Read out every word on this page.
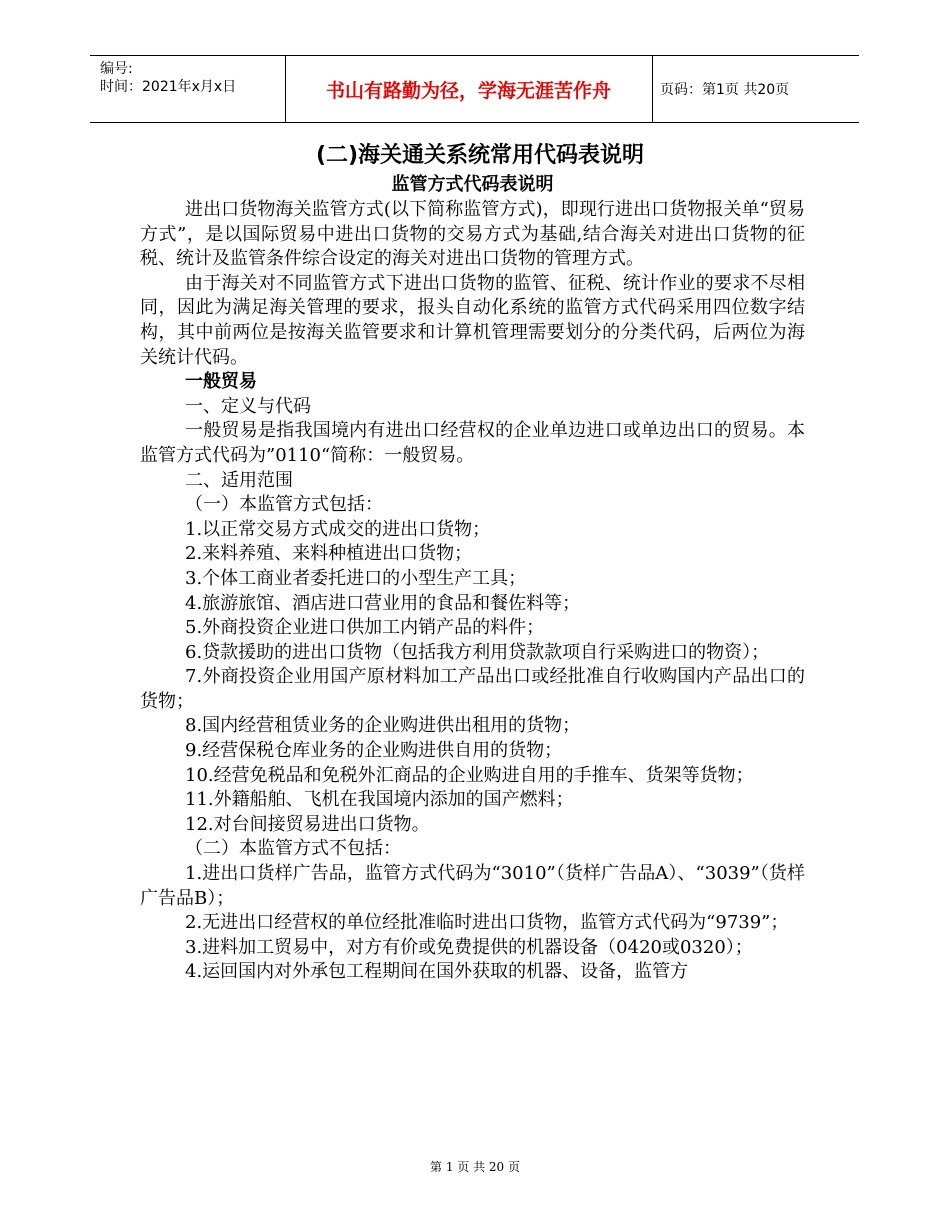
编号:
时间：2021年x月x日	书山有路勤为径，学海无涯苦作舟	页码：第1页 共20页
(二)海关通关系统常用代码表说明
监管方式代码表说明

进出口货物海关监管方式(以下简称监管方式)，即现行进出口货物报关单“贸易方式”，是以国际贸易中进出口货物的交易方式为基础,结合海关对进出口货物的征税、统计及监管条件综合设定的海关对进出口货物的管理方式。

由于海关对不同监管方式下进出口货物的监管、征税、统计作业的要求不尽相同，因此为满足海关管理的要求，报头自动化系统的监管方式代码采用四位数字结构，其中前两位是按海关监管要求和计算机管理需要划分的分类代码，后两位为海关统计代码。

一般贸易

一、定义与代码

一般贸易是指我国境内有进出口经营权的企业单边进口或单边出口的贸易。本监管方式代码为”0110“简称：一般贸易。

二、适用范围

（一）本监管方式包括：

1.以正常交易方式成交的进出口货物；

2.来料养殖、来料种植进出口货物；

3.个体工商业者委托进口的小型生产工具；

4.旅游旅馆、酒店进口营业用的食品和餐佐料等；

5.外商投资企业进口供加工内销产品的料件；

6.贷款援助的进出口货物（包括我方利用贷款款项自行采购进口的物资）；

7.外商投资企业用国产原材料加工产品出口或经批准自行收购国内产品出口的货物；

8.国内经营租赁业务的企业购进供出租用的货物；

9.经营保税仓库业务的企业购进供自用的货物；

10.经营免税品和免税外汇商品的企业购进自用的手推车、货架等货物；

11.外籍船舶、飞机在我国境内添加的国产燃料；

12.对台间接贸易进出口货物。

（二）本监管方式不包括：

1.进出口货样广告品，监管方式代码为“3010”（货样广告品A）、“3039”（货样广告品B）；

2.无进出口经营权的单位经批准临时进出口货物，监管方式代码为“9739”；

3.进料加工贸易中，对方有价或免费提供的机器设备（0420或0320）；

4.运回国内对外承包工程期间在国外获取的机器、设备，监管方

第 1 页 共 20 页
